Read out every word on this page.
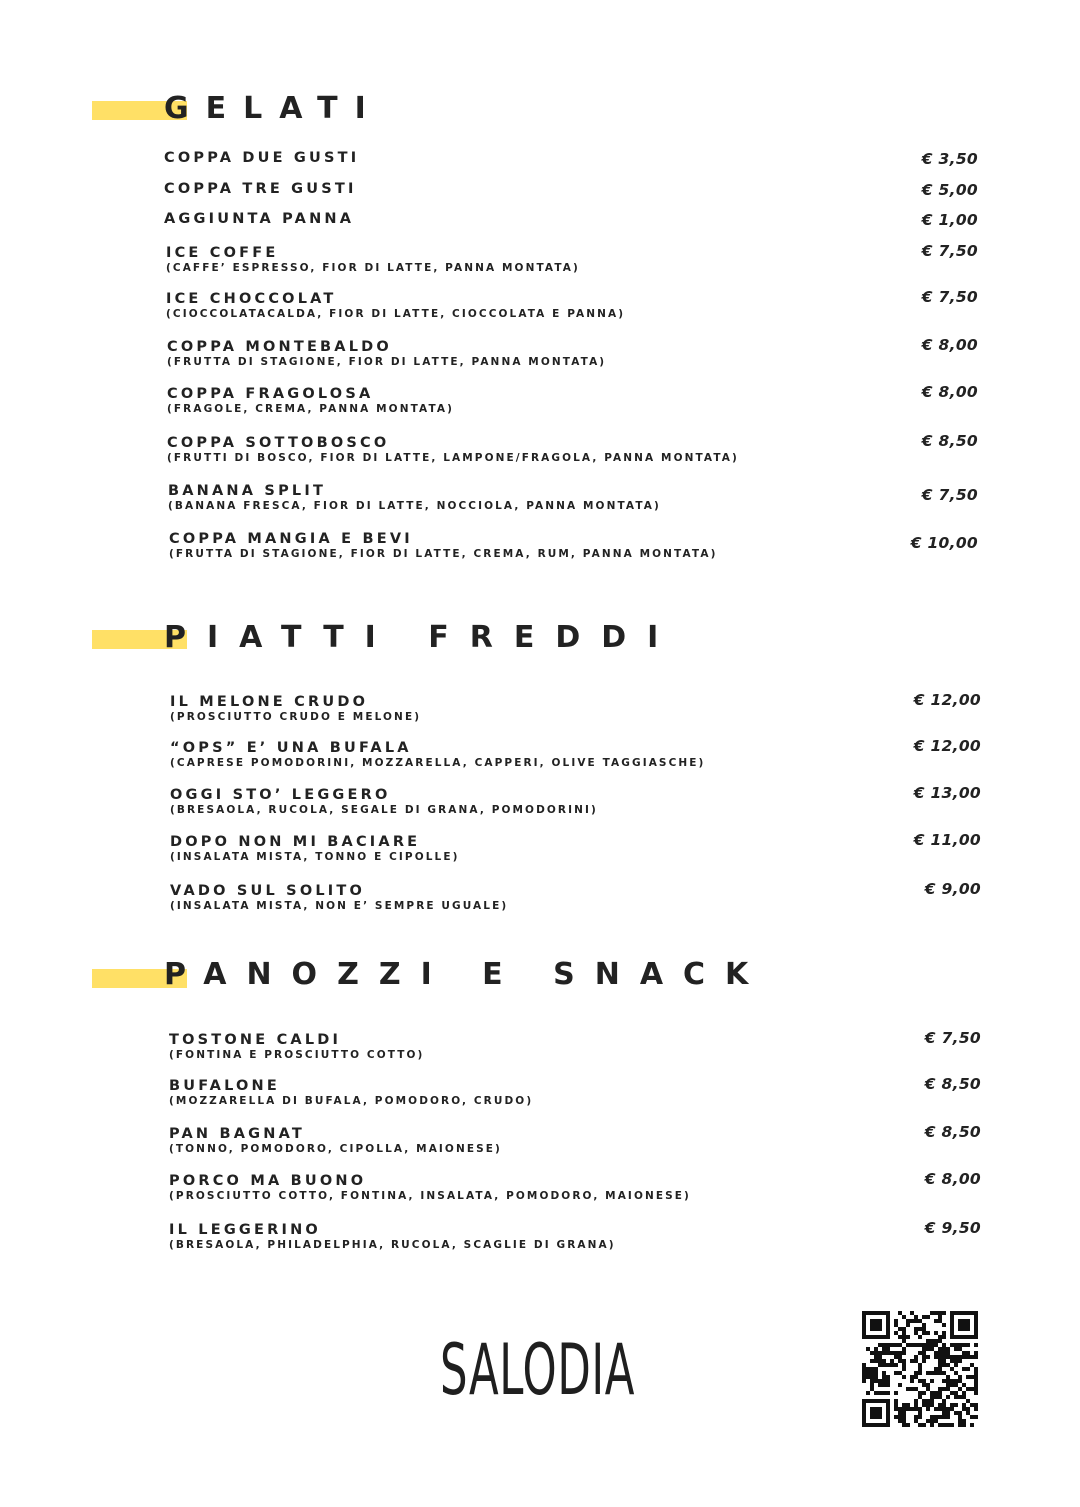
GELATI
COPPA DUE GUSTI	€ 3,50
COPPA TRE GUSTI	€ 5,00
AGGIUNTA PANNA	€ 1,00
ICE COFFE
(CAFFE’ ESPRESSO, FIOR DI LATTE, PANNA MONTATA)
€ 7,50
ICE CHOCCOLAT
(CIOCCOLATACALDA, FIOR DI LATTE, CIOCCOLATA E PANNA)
€ 7,50
COPPA MONTEBALDO
(FRUTTA DI STAGIONE, FIOR DI LATTE, PANNA MONTATA)
€ 8,00
COPPA FRAGOLOSA
(FRAGOLE, CREMA, PANNA MONTATA)
€ 8,00
COPPA SOTTOBOSCO
(FRUTTI DI BOSCO, FIOR DI LATTE, LAMPONE/FRAGOLA, PANNA MONTATA)
€ 8,50
BANANA SPLIT
(BANANA FRESCA, FIOR DI LATTE, NOCCIOLA, PANNA MONTATA)
€ 7,50
COPPA MANGIA E BEVI
(FRUTTA DI STAGIONE, FIOR DI LATTE, CREMA, RUM, PANNA MONTATA)
€ 10,00
PIATTI FREDDI
IL MELONE CRUDO
(PROSCIUTTO CRUDO E MELONE)
€ 12,00
“OPS” E’ UNA BUFALA
(CAPRESE POMODORINI, MOZZARELLA, CAPPERI, OLIVE TAGGIASCHE)
€ 12,00
OGGI STO’ LEGGERO
(BRESAOLA, RUCOLA, SEGALE DI GRANA, POMODORINI)
€ 13,00
DOPO NON MI BACIARE
(INSALATA MISTA, TONNO E CIPOLLE)
€ 11,00
VADO SUL SOLITO
(INSALATA MISTA, NON E’ SEMPRE UGUALE)
€ 9,00
PANOZZI E SNACK
TOSTONE CALDI
(FONTINA E PROSCIUTTO COTTO)
€ 7,50
BUFALONE
(MOZZARELLA DI BUFALA, POMODORO, CRUDO)
€ 8,50
PAN BAGNAT
(TONNO, POMODORO, CIPOLLA, MAIONESE)
€ 8,50
PORCO MA BUONO
(PROSCIUTTO COTTO, FONTINA, INSALATA, POMODORO, MAIONESE)
€ 8,00
IL LEGGERINO
(BRESAOLA, PHILADELPHIA, RUCOLA, SCAGLIE DI GRANA)
€ 9,50
SALODIA
